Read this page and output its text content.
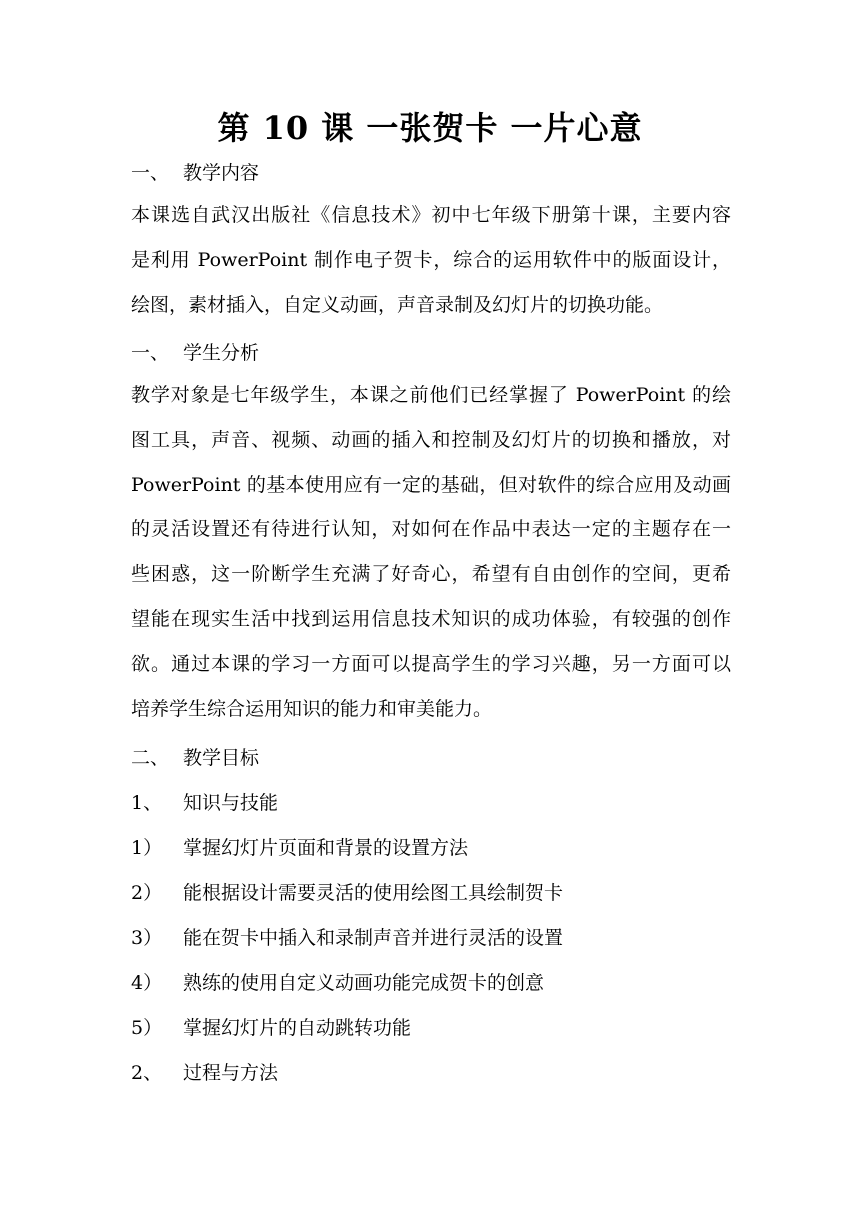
第 10 课 一张贺卡 一片心意
一、 教学内容
本课选自武汉出版社《信息技术》初中七年级下册第十课，主要内容
是利用 PowerPoint 制作电子贺卡，综合的运用软件中的版面设计，
绘图，素材插入，自定义动画，声音录制及幻灯片的切换功能。
一、 学生分析
教学对象是七年级学生，本课之前他们已经掌握了 PowerPoint 的绘
图工具，声音、视频、动画的插入和控制及幻灯片的切换和播放，对
PowerPoint 的基本使用应有一定的基础，但对软件的综合应用及动画
的灵活设置还有待进行认知，对如何在作品中表达一定的主题存在一
些困惑，这一阶断学生充满了好奇心，希望有自由创作的空间，更希
望能在现实生活中找到运用信息技术知识的成功体验，有较强的创作
欲。通过本课的学习一方面可以提高学生的学习兴趣，另一方面可以
培养学生综合运用知识的能力和审美能力。
二、 教学目标
1、 知识与技能
1） 掌握幻灯片页面和背景的设置方法
2） 能根据设计需要灵活的使用绘图工具绘制贺卡
3） 能在贺卡中插入和录制声音并进行灵活的设置
4） 熟练的使用自定义动画功能完成贺卡的创意
5） 掌握幻灯片的自动跳转功能
2、 过程与方法
